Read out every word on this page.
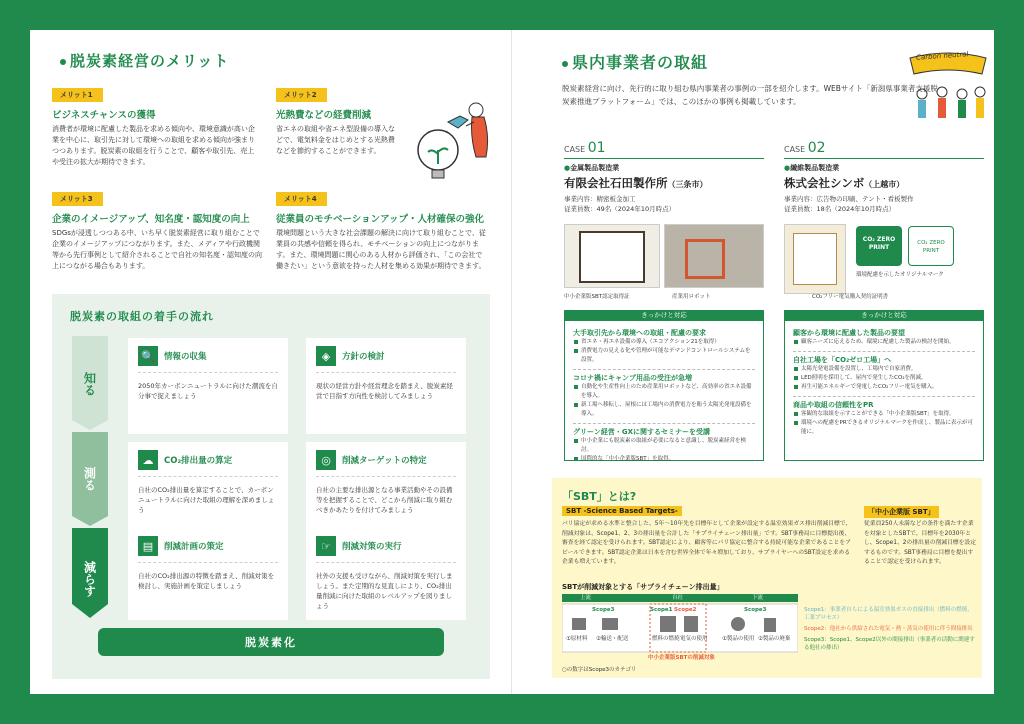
脱炭素経営のメリット
メリット1
ビジネスチャンスの獲得
消費者が環境に配慮した製品を求める傾向や、環境意識が高い企業を中心に、取引先に対して環境への取組を求める傾向が強まりつつあります。脱炭素の取組を行うことで、顧客や取引先、売上や受注の拡大が期待できます。
メリット2
光熱費などの経費削減
省エネの取組や省エネ型設備の導入などで、電気料金をはじめとする光熱費などを節約することができます。
メリット3
企業のイメージアップ、知名度・認知度の向上
SDGsが浸透しつつある中、いち早く脱炭素経営に取り組むことで企業のイメージアップにつながります。また、メディアや行政機関等から先行事例として紹介されることで自社の知名度・認知度の向上につながる場合もあります。
メリット4
従業員のモチベーションアップ・人材確保の強化
環境問題という大きな社会課題の解決に向けて取り組むことで、従業員の共感や信頼を得られ、モチベーションの向上につながります。また、環境問題に関心のある人材から評価され、「この会社で働きたい」という意欲を持った人材を集める効果が期待できます。
脱炭素の取組の着手の流れ
知る
測る
減らす
🔍	情報の収集
2050年カーボンニュートラルに向けた潮流を自分事で捉えましょう
◈	方針の検討
現状の経営方針や経営理念を踏まえ、脱炭素経営で目指す方向性を検討してみましょう
☁	CO₂排出量の算定
自社のCO₂排出量を算定することで、カーボンニュートラルに向けた取組の理解を深めましょう
◎	削減ターゲットの特定
自社の主要な排出源となる事業活動やその設備等を把握することで、どこから削減に取り組むべきかあたりを付けてみましょう
▤	削減計画の策定
自社のCO₂排出源の特徴を踏まえ、削減対策を検討し、実施計画を策定しましょう
☞	削減対策の実行
社外の支援も受けながら、削減対策を実行しましょう。また定期的な見直しにより、CO₂排出量削減に向けた取組のレベルアップを図りましょう
脱炭素化
県内事業者の取組	Carbon neutral
脱炭素経営に向け、先行的に取り組む県内事業者の事例の一部を紹介します。WEBサイト「新潟県事業者支援脱炭素推進プラットフォーム」では、このほかの事例も掲載しています。
CASE 01
●金属製品製造業
有限会社石田製作所（三条市）
事業内容：精密板金加工
従業員数：49名（2024年10月時点）
中小企業版SBT認定取得証	産業用ロボット
きっかけと対応
大手取引先から環境への取組・配慮の要求
省エネ・再エネ設備の導入（エコアクション21を取得）
消費電力の見える化や管理が可能なデマンドコントロールシステムを設置。
コロナ禍にキャンプ用品の受注が急増
自動化や生産性向上のため産業用ロボットなど、高効率の省エネ設備を導入。
新工場へ移転し、屋根には工場内の消費電力を賄う太陽光発電設備を導入。
グリーン経営・GXに関するセミナーを受講
中小企業にも脱炭素の取組が必要になると意識し、脱炭素経営を検討。
国際的な「中小企業版SBT」を取得。
CASE 02
●繊維製品製造業
株式会社シンボ（上越市）
事業内容：広告物の印刷、テント・看板製作
従業員数：18名（2024年10月時点）
CO₂ ZERO PRINT
CO₂ ZERO PRINT
環境配慮を示したオリジナルマーク
CO₂フリー電気購入契約証明書
きっかけと対応
顧客から環境に配慮した製品の要望
顧客ニーズに応えるため、環境に配慮した製品の検討を開始。
自社工場を「CO₂ゼロ工場」へ
太陽光発電設備を設置し、工場内で自家消費。
LED照明を採用して、屋内で発生したCO₂を削減。
再生可能エネルギーで発電したCO₂フリー電気を購入。
商品や取組の信頼性をPR
客観的な取組を示すことができる「中小企業版SBT」を取得。
環境への配慮をPRできるオリジナルマークを作成し、製品に表示が可能に。
「SBT」とは?
SBT -Science Based Targets-
パリ協定が求める水準と整合した、5年〜10年先を目標年として企業が設定する温室効果ガス排出削減目標で、削減対象は、Scope1、2、3の排出量を合計した「サプライチェーン排出量」です。SBT事務局に目標提出後、審査を経て認定を受けられます。SBT認定により、顧客等にパリ協定に整合する持続可能な企業であることをアピールできます。SBT認定企業は日本を含む世界全体で年々増加しており、サプライヤーへのSBT設定を求める企業も増えています。
SBTが削減対象とする「サプライチェーン排出量」
上流	自社	下流
Scope3	Scope1 Scope2	Scope3
①原材料 ②輸送・配送	燃料の燃焼 電気の使用	①製品の使用 ②製品の廃棄
中小企業版SBTの削減対象
○の数字はScope3のカテゴリ
Scope1：事業者自らによる温室効果ガスの直接排出（燃料の燃焼、工業プロセス）
Scope2：他社から供給された電気・熱・蒸気の使用に伴う間接排出
Scope3：Scope1、Scope2以外の間接排出（事業者の活動に関連する他社の排出）
「中小企業版 SBT」
従業員250人未満などの条件を満たす企業を対象としたSBTで、目標年を2030年とし、Scope1、2の排出量の削減目標を設定するものです。SBT事務局に目標を提出することで認定を受けられます。
